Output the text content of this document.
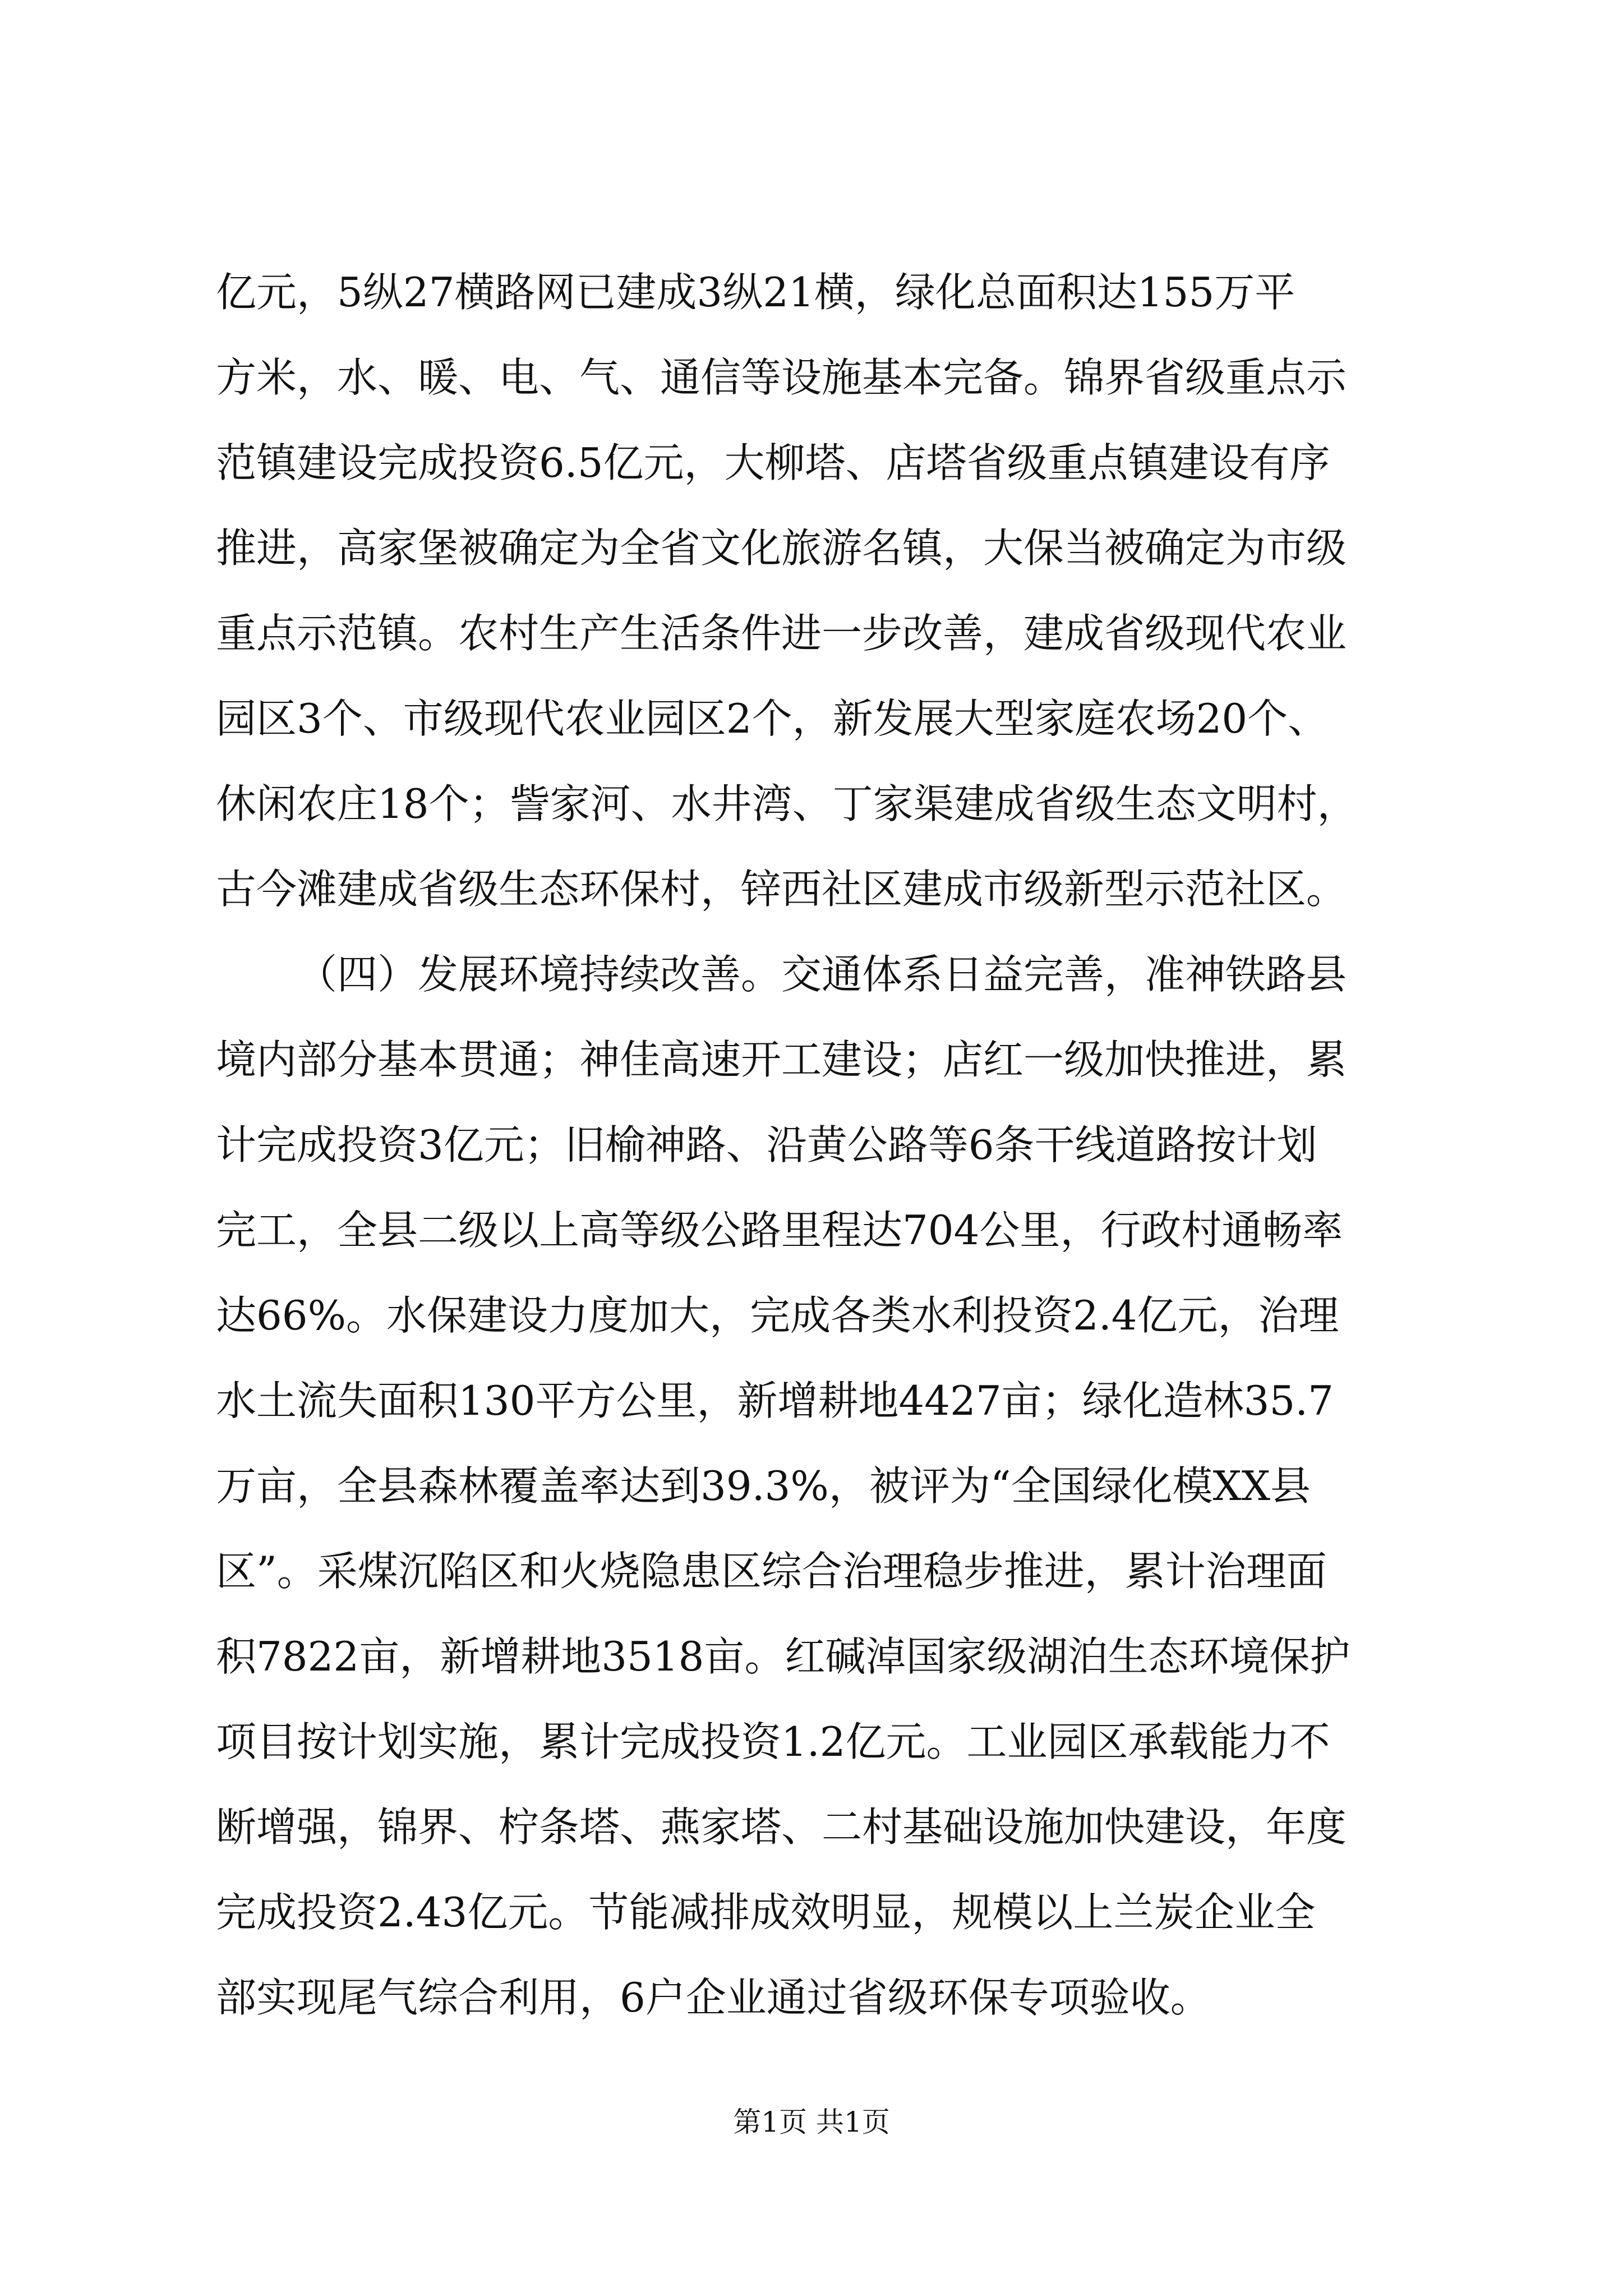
亿元，5纵27横路网已建成3纵21横，绿化总面积达155万平
方米，水、暖、电、气、通信等设施基本完备。锦界省级重点示
范镇建设完成投资6.5亿元，大柳塔、店塔省级重点镇建设有序
推进，高家堡被确定为全省文化旅游名镇，大保当被确定为市级
重点示范镇。农村生产生活条件进一步改善，建成省级现代农业
园区3个、市级现代农业园区2个，新发展大型家庭农场20个、
休闲农庄18个；訾家河、水井湾、丁家渠建成省级生态文明村，
古今滩建成省级生态环保村，锌西社区建成市级新型示范社区。
（四）发展环境持续改善。交通体系日益完善，准神铁路县
境内部分基本贯通；神佳高速开工建设；店红一级加快推进，累
计完成投资3亿元；旧榆神路、沿黄公路等6条干线道路按计划
完工，全县二级以上高等级公路里程达704公里，行政村通畅率
达66%。水保建设力度加大，完成各类水利投资2.4亿元，治理
水土流失面积130平方公里，新增耕地4427亩；绿化造林35.7
万亩，全县森林覆盖率达到39.3%，被评为“全国绿化模XX县
区”。采煤沉陷区和火烧隐患区综合治理稳步推进，累计治理面
积7822亩，新增耕地3518亩。红碱淖国家级湖泊生态环境保护
项目按计划实施，累计完成投资1.2亿元。工业园区承载能力不
断增强，锦界、柠条塔、燕家塔、二村基础设施加快建设，年度
完成投资2.43亿元。节能减排成效明显，规模以上兰炭企业全
部实现尾气综合利用，6户企业通过省级环保专项验收。
第1页 共1页
